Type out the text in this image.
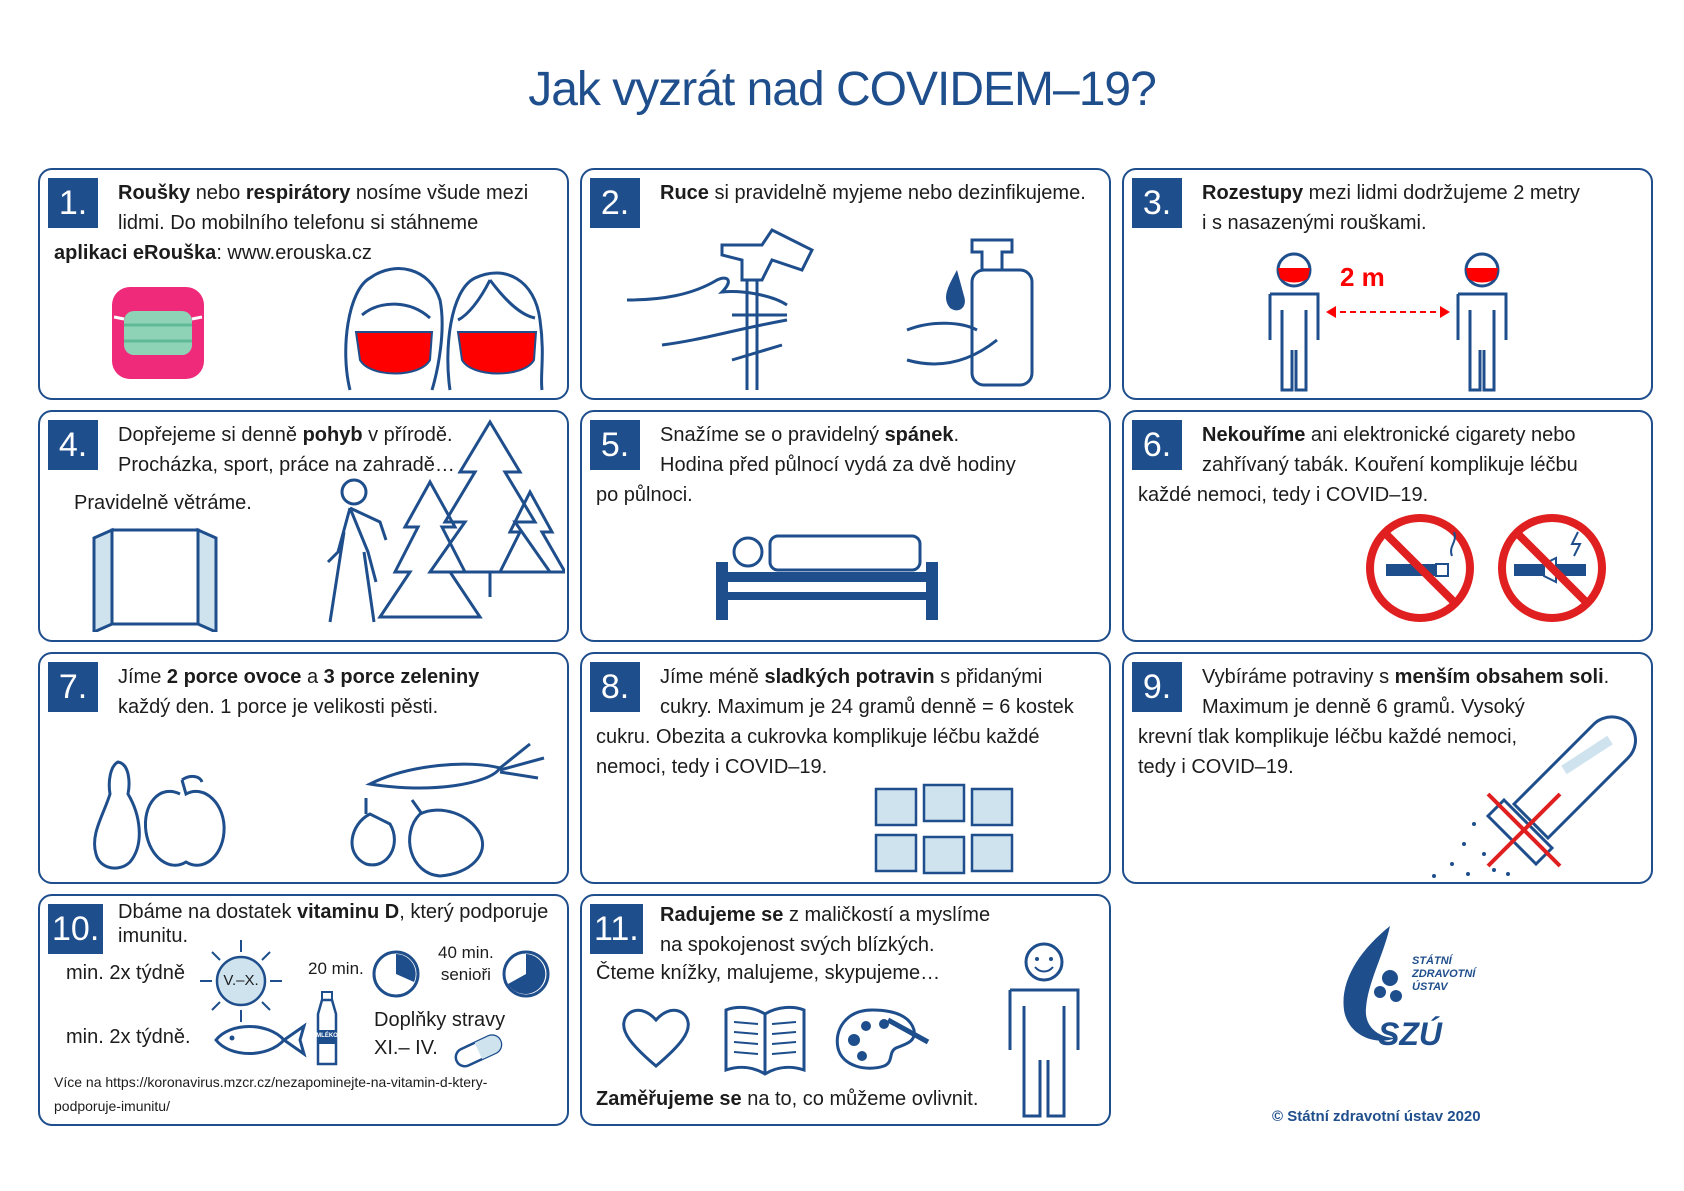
Jak vyzrát nad COVIDEM–19?
1.	Roušky nebo respirátory nosíme všude mezi
lidmi. Do mobilního telefonu si stáhneme
aplikaci eRouška: www.erouska.cz
2.	Ruce si pravidelně myjeme nebo dezinfikujeme.	3.	Rozestupy mezi lidmi dodržujeme 2 metry
i s nasazenými rouškami.
2 m
4.	Dopřejeme si denně pohyb v přírodě.
Procházka, sport, práce na zahradě…
Pravidelně větráme.
5.	Snažíme se o pravidelný spánek.
Hodina před půlnocí vydá za dvě hodiny
po půlnoci.
6.	Nekouříme ani elektronické cigarety nebo
zahřívaný tabák. Kouření komplikuje léčbu
každé nemoci, tedy i COVID–19.
7.	Jíme 2 porce ovoce a 3 porce zeleniny
každý den. 1 porce je velikosti pěsti.
8.	Jíme méně sladkých potravin s přidanými
cukry. Maximum je 24 gramů denně = 6 kostek
cukru. Obezita a cukrovka komplikuje léčbu každé
nemoci, tedy i COVID–19.
9.	Vybíráme potraviny s menším obsahem soli.
Maximum je denně 6 gramů. Vysoký
krevní tlak komplikuje léčbu každé nemoci,
tedy i COVID–19.
10. Dbáme na dostatek vitaminu D, který podporuje
imunitu.
min. 2x týdně	V.–X.
20 min.
40 min.
senioři
min. 2x týdně.	MLÉKO
Doplňky stravy
XI.– IV.
Více na https://koronavirus.mzcr.cz/nezapominejte-na-vitamin-d-ktery-
podporuje-imunitu/
11. Radujeme se z maličkostí a myslíme
na spokojenost svých blízkých.
Čteme knížky, malujeme, skypujeme…
Zaměřujeme se na to, co můžeme ovlivnit.
STÁTNÍ
ZDRAVOTNÍ
ÚSTAV
SZÚ
© Státní zdravotní ústav 2020
